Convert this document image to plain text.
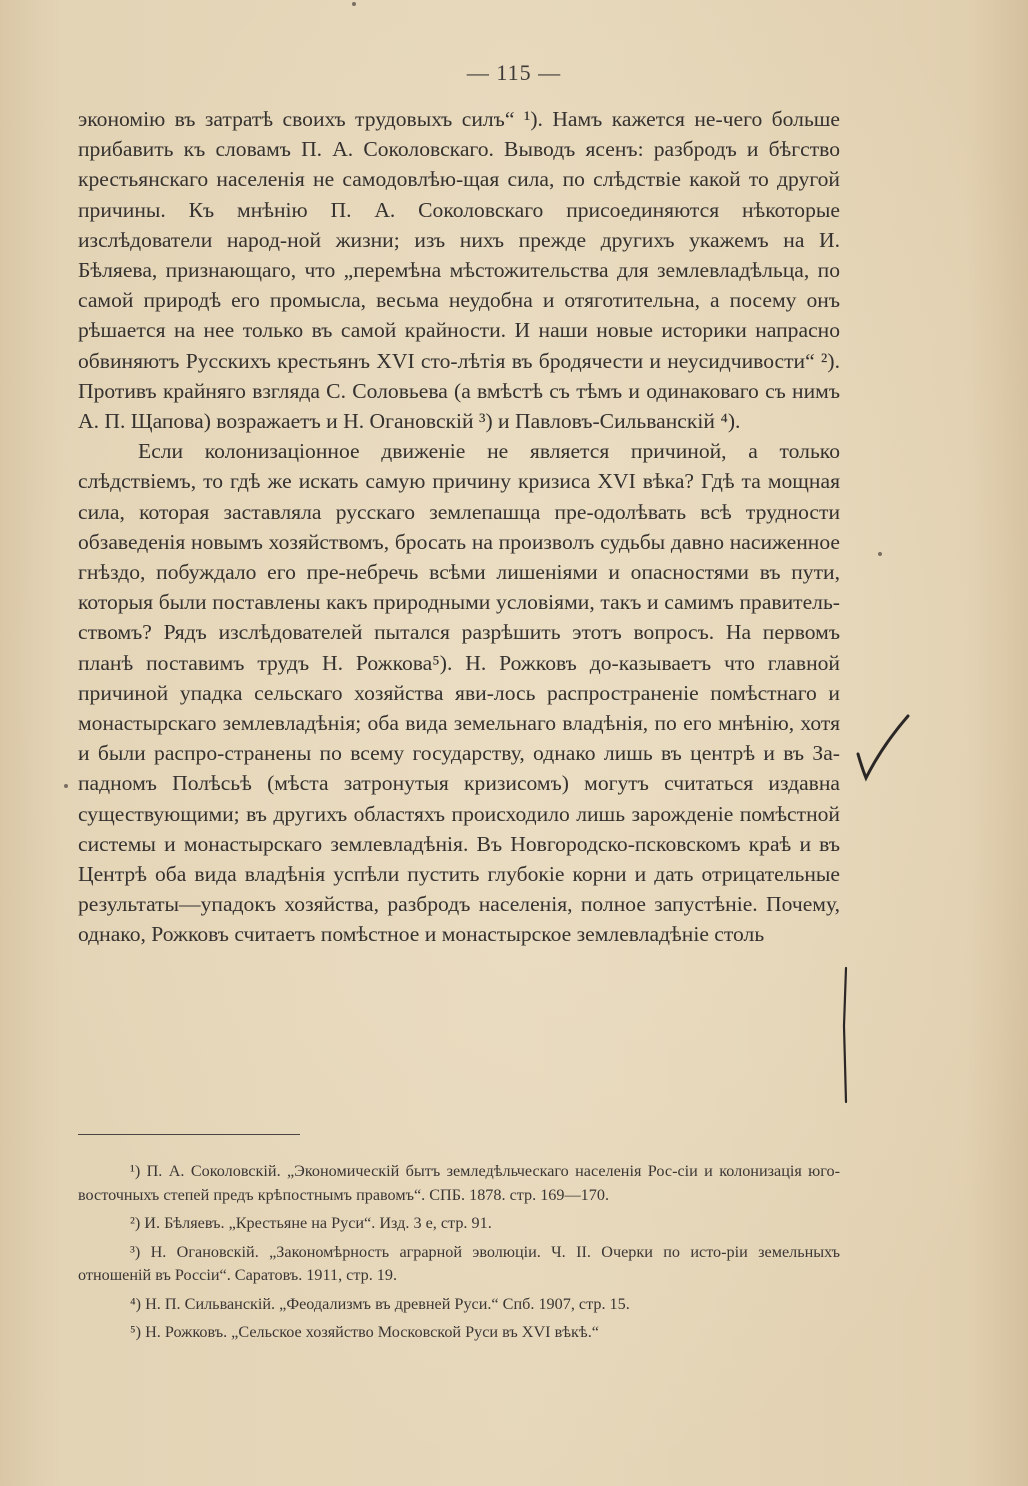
— 115 —

экономію въ затратѣ своихъ трудовыхъ силъ“ ¹). Намъ кажется не-чего больше прибавить къ словамъ П. А. Соколовскаго. Выводъ ясенъ: разбродъ и бѣгство крестьянскаго населенія не самодовлѣю-щая сила, по слѣдствіе какой то другой причины. Къ мнѣнію П. А. Соколовскаго присоединяются нѣкоторые изслѣдователи народ-ной жизни; изъ нихъ прежде другихъ укажемъ на И. Бѣляева, признающаго, что „перемѣна мѣстожительства для землевладѣльца, по самой природѣ его промысла, весьма неудобна и отяготительна, а посему онъ рѣшается на нее только въ самой крайности. И наши новые историки напрасно обвиняютъ Русскихъ крестьянъ XVI сто-лѣтія въ бродячести и неусидчивости“ ²). Противъ крайняго взгляда С. Соловьева (а вмѣстѣ съ тѣмъ и одинаковаго съ нимъ А. П. Щапова) возражаетъ и Н. Огановскій ³) и Павловъ-Сильванскій ⁴).

Если колонизаціонное движеніе не является причиной, а только слѣдствіемъ, то гдѣ же искать самую причину кризиса XVI вѣка? Гдѣ та мощная сила, которая заставляла русскаго землепашца пре-одолѣвать всѣ трудности обзаведенія новымъ хозяйствомъ, бросать на произволъ судьбы давно насиженное гнѣздо, побуждало его пре-небречь всѣми лишеніями и опасностями въ пути, которыя были поставлены какъ природными условіями, такъ и самимъ правитель-ствомъ? Рядъ изслѣдователей пытался разрѣшить этотъ вопросъ. На первомъ планѣ поставимъ трудъ Н. Рожкова⁵). Н. Рожковъ до-казываетъ что главной причиной упадка сельскаго хозяйства яви-лось распространеніе помѣстнаго и монастырскаго землевладѣнія; оба вида земельнаго владѣнія, по его мнѣнію, хотя и были распро-странены по всему государству, однако лишь въ центрѣ и въ За-падномъ Полѣсьѣ (мѣста затронутыя кризисомъ) могутъ считаться издавна существующими; въ другихъ областяхъ происходило лишь зарожденіе помѣстной системы и монастырскаго землевладѣнія. Въ Новгородско-псковскомъ краѣ и въ Центрѣ оба вида владѣнія успѣли пустить глубокіе корни и дать отрицательные результаты—упадокъ хозяйства, разбродъ населенія, полное запустѣніе. Почему, однако, Рожковъ считаетъ помѣстное и монастырское землевладѣніе столь

¹) П. А. Соколовскій. „Экономическій бытъ земледѣльческаго населенія Рос-сіи и колонизація юго-восточныхъ степей предъ крѣпостнымъ правомъ“. СПБ. 1878. стр. 169—170.

²) И. Бѣляевъ. „Крестьяне на Руси“. Изд. 3 е, стр. 91.

³) Н. Огановскій. „Закономѣрность аграрной эволюціи. Ч. II. Очерки по исто-ріи земельныхъ отношеній въ Россіи“. Саратовъ. 1911, стр. 19.

⁴) Н. П. Сильванскій. „Феодализмъ въ древней Руси.“ Спб. 1907, стр. 15.

⁵) Н. Рожковъ. „Сельское хозяйство Московской Руси въ XVI вѣкѣ.“
